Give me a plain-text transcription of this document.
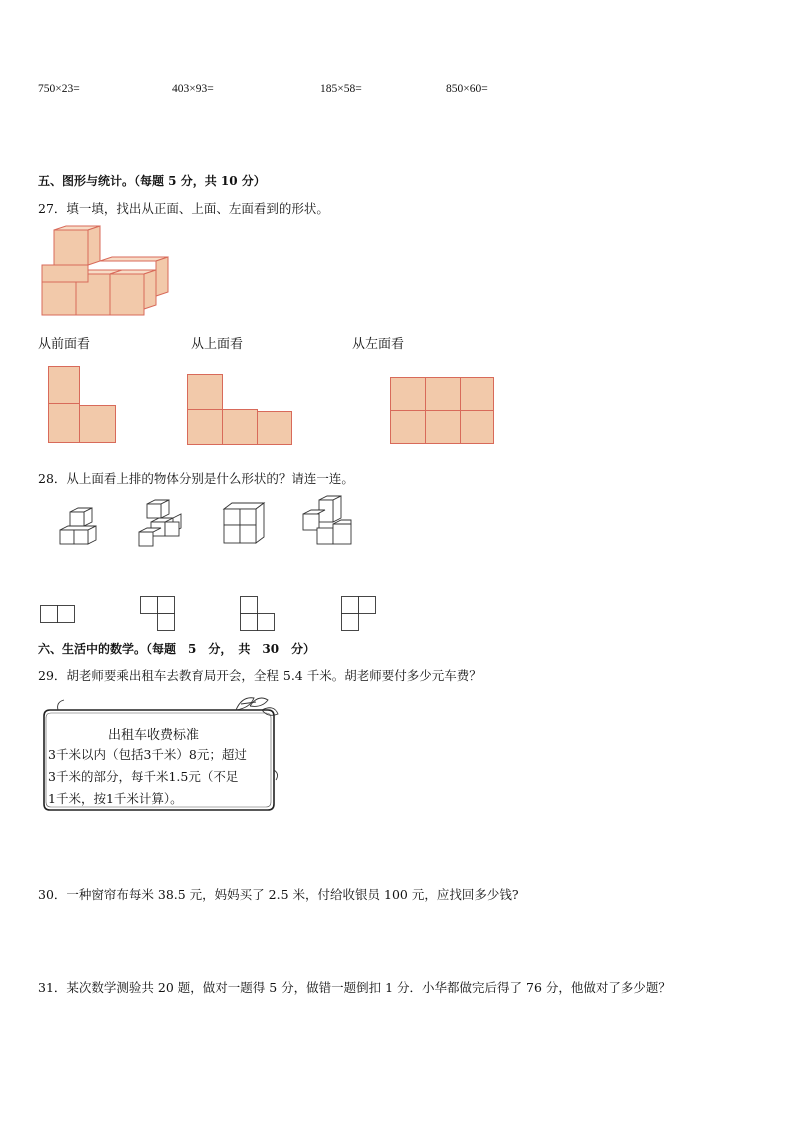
750×23=	403×93=	185×58=	850×60=
五、图形与统计。（每题 5 分，共 10 分）
27．填一填，找出从正面、上面、左面看到的形状。
从前面看	从上面看	从左面看
28．从上面看上排的物体分别是什么形状的？请连一连。
六、生活中的数学。（每题　5　分，　共　30　分）
29．胡老师要乘出租车去教育局开会，全程 5.4 千米。胡老师要付多少元车费？
出租车收费标准
3千米以内（包括3千米）8元；超过
3千米的部分，每千米1.5元（不足
1千米，按1千米计算）。
30．一种窗帘布每米 38.5 元，妈妈买了 2.5 米，付给收银员 100 元，应找回多少钱?
31．某次数学测验共 20 题，做对一题得 5 分，做错一题倒扣 1 分．小华都做完后得了 76 分，他做对了多少题？
